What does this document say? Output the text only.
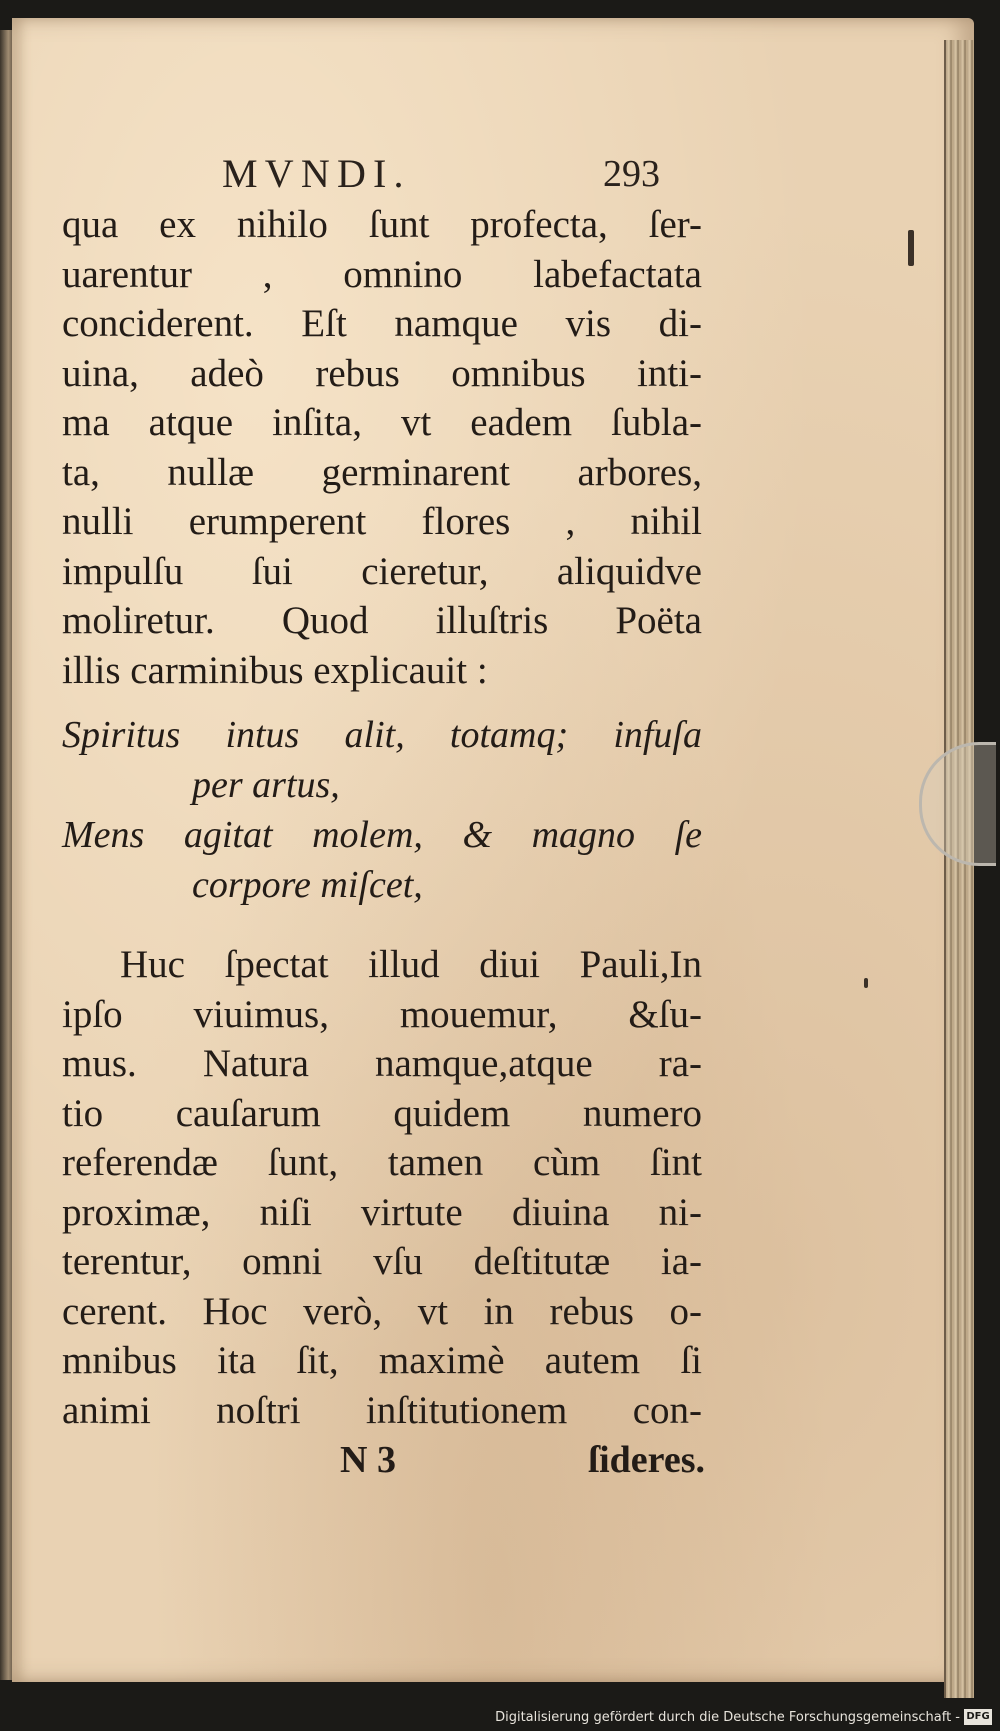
MVNDI.	293
qua ex nihilo ſunt profecta, ſer-
uarentur , omnino labefactata
conciderent. Eſt namque vis di-
uina, adeò rebus omnibus inti-
ma atque inſita, vt eadem ſubla-
ta, nullæ germinarent arbores,
nulli erumperent flores , nihil
impulſu ſui cieretur, aliquidve
moliretur. Quod illuſtris Poëta
illis carminibus explicauit :
Spiritus intus alit, totamq; infuſa
per artus,
Mens agitat molem, & magno ſe
corpore miſcet,
Huc ſpectat illud diui Pauli,In
ipſo viuimus, mouemur, &ſu-
mus. Natura namque,atque ra-
tio cauſarum quidem numero
referendæ ſunt, tamen cùm ſint
proximæ, niſi virtute diuina ni-
terentur, omni vſu deſtitutæ ia-
cerent. Hoc verò, vt in rebus o-
mnibus ita ſit, maximè autem ſi
animi noſtri inſtitutionem con-
N 3	ſideres.
Digitalisierung gefördert durch die Deutsche Forschungsgemeinschaft - DFG
